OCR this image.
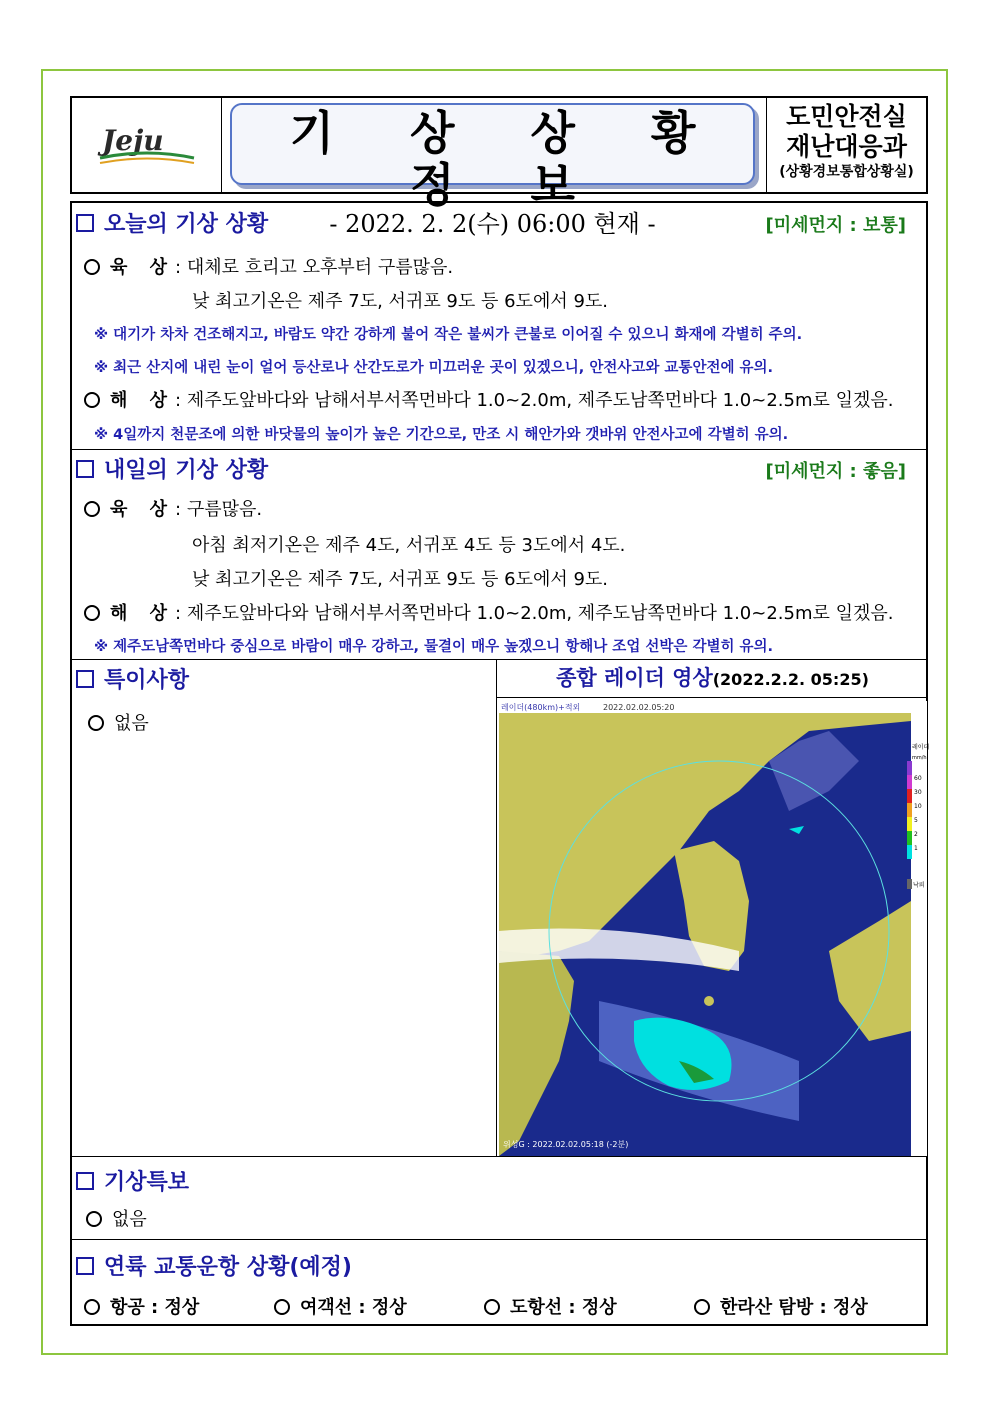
Jeju	기 상 상 황 정 보
- 2022. 2. 2(수) 06:00 현재 -
도민안전실
재난대응과
(상황경보통합상황실)
오늘의 기상 상황	[미세먼지 : 보통]
육 상: 대체로 흐리고 오후부터 구름많음.
낮 최고기온은 제주 7도, 서귀포 9도 등 6도에서 9도.
※ 대기가 차차 건조해지고, 바람도 약간 강하게 불어 작은 불씨가 큰불로 이어질 수 있으니 화재에 각별히 주의.
※ 최근 산지에 내린 눈이 얼어 등산로나 산간도로가 미끄러운 곳이 있겠으니, 안전사고와 교통안전에 유의.
해 상: 제주도앞바다와 남해서부서쪽먼바다 1.0~2.0m, 제주도남쪽먼바다 1.0~2.5m로 일겠음.
※ 4일까지 천문조에 의한 바닷물의 높이가 높은 기간으로, 만조 시 해안가와 갯바위 안전사고에 각별히 유의.
내일의 기상 상황	[미세먼지 : 좋음]
육 상: 구름많음.
아침 최저기온은 제주 4도, 서귀포 4도 등 3도에서 4도.
낮 최고기온은 제주 7도, 서귀포 9도 등 6도에서 9도.
해 상: 제주도앞바다와 남해서부서쪽먼바다 1.0~2.0m, 제주도남쪽먼바다 1.0~2.5m로 일겠음.
※ 제주도남쪽먼바다 중심으로 바람이 매우 강하고, 물결이 매우 높겠으니 항해나 조업 선박은 각별히 유의.
특이사항
없음
종합 레이더 영상(2022.2.2. 05:25)
레이더(480km)+적외	2022.02.02.05:20
레이더
mm/h
60
30
10
5
2
1
낙뢰
위성G : 2022.02.02.05:18 (-2분)
기상특보
없음
연륙 교통운항 상황(예정)
항공 : 정상	여객선 : 정상	도항선 : 정상	한라산 탐방 : 정상
